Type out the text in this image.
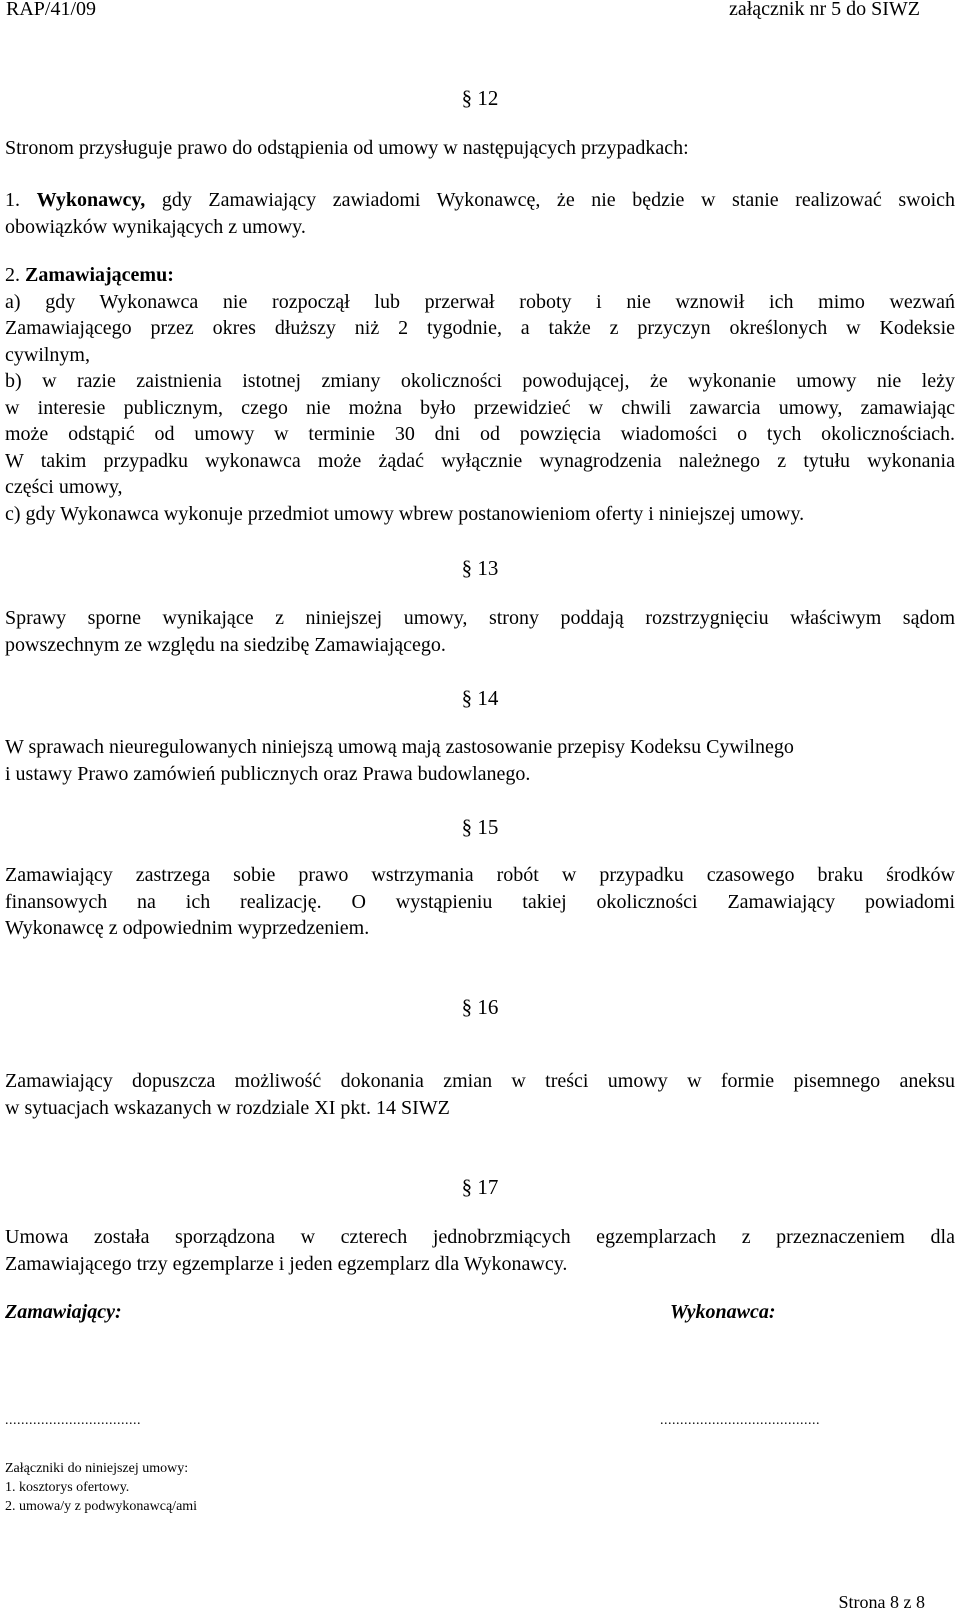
RAP/41/09	załącznik nr 5 do SIWZ
§ 12
Stronom przysługuje prawo do odstąpienia od umowy w następujących przypadkach:
1. Wykonawcy, gdy Zamawiający zawiadomi Wykonawcę, że nie będzie w stanie realizować swoich
obowiązków wynikających z umowy.
2. Zamawiającemu:
a) gdy Wykonawca nie rozpoczął lub przerwał roboty i nie wznowił ich mimo wezwań
Zamawiającego przez okres dłuższy niż 2 tygodnie, a także z przyczyn określonych w Kodeksie
cywilnym,
b) w razie zaistnienia istotnej zmiany okoliczności powodującej, że wykonanie umowy nie leży
w interesie publicznym, czego nie można było przewidzieć w chwili zawarcia umowy, zamawiając
może odstąpić od umowy w terminie 30 dni od powzięcia wiadomości o tych okolicznościach.
W takim przypadku wykonawca może żądać wyłącznie wynagrodzenia należnego z tytułu wykonania
części umowy,
c) gdy Wykonawca wykonuje przedmiot umowy wbrew postanowieniom oferty i niniejszej umowy.
§ 13
Sprawy sporne wynikające z niniejszej umowy, strony poddają rozstrzygnięciu właściwym sądom
powszechnym ze względu na siedzibę Zamawiającego.
§ 14
W sprawach nieuregulowanych niniejszą umową mają zastosowanie przepisy Kodeksu Cywilnego
i ustawy Prawo zamówień publicznych oraz Prawa budowlanego.
§ 15
Zamawiający zastrzega sobie prawo wstrzymania robót w przypadku czasowego braku środków
finansowych na ich realizację. O wystąpieniu takiej okoliczności Zamawiający powiadomi
Wykonawcę z odpowiednim wyprzedzeniem.
§ 16
Zamawiający dopuszcza możliwość dokonania zmian w treści umowy w formie pisemnego aneksu
w sytuacjach wskazanych w rozdziale XI pkt. 14 SIWZ
§ 17
Umowa została sporządzona w czterech jednobrzmiących egzemplarzach z przeznaczeniem dla
Zamawiającego trzy egzemplarze i jeden egzemplarz dla Wykonawcy.
Zamawiający:	Wykonawca:
..................................	........................................
Załączniki do niniejszej umowy:
1. kosztorys ofertowy.
2. umowa/y z podwykonawcą/ami
Strona 8 z 8
